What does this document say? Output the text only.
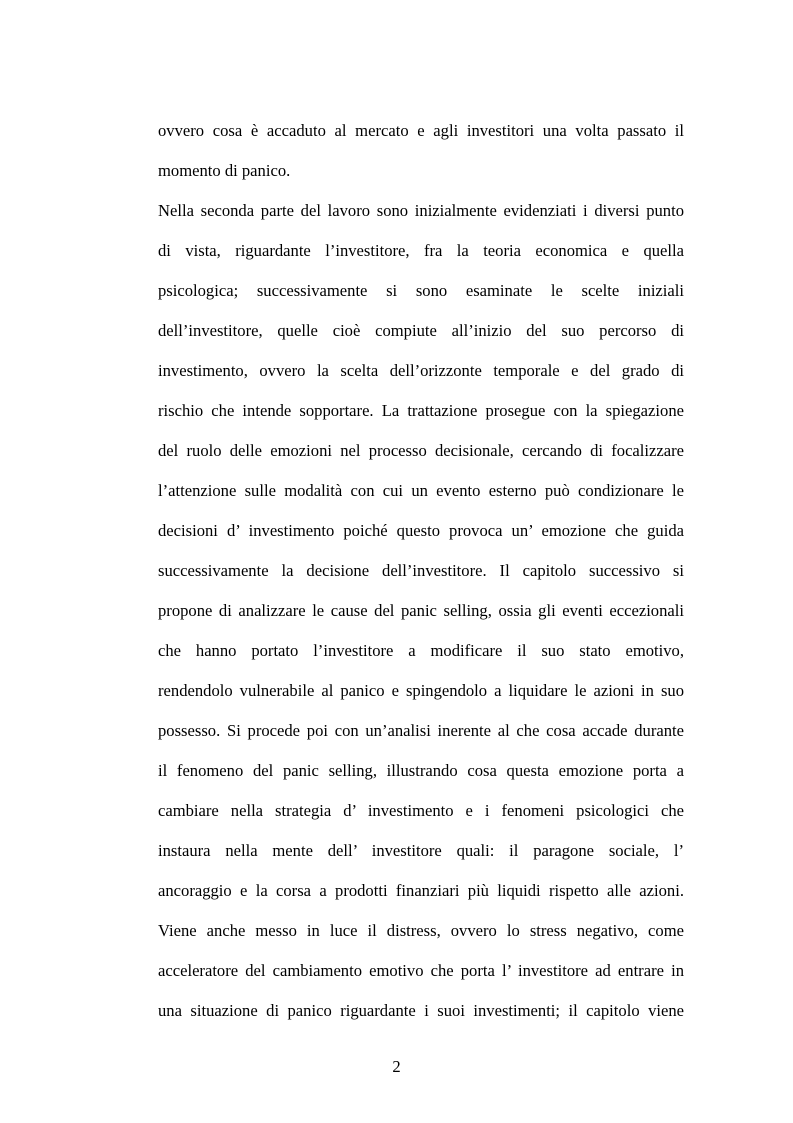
ovvero cosa è accaduto al mercato e agli investitori una volta passato il
momento di panico.
Nella seconda parte del lavoro sono inizialmente evidenziati i diversi punto
di vista, riguardante l’investitore, fra la teoria economica e quella
psicologica; successivamente si sono esaminate le scelte iniziali
dell’investitore, quelle cioè compiute all’inizio del suo percorso di
investimento, ovvero la scelta dell’orizzonte temporale e del grado di
rischio che intende sopportare. La trattazione prosegue con la spiegazione
del ruolo delle emozioni nel processo decisionale, cercando di focalizzare
l’attenzione sulle modalità con cui un evento esterno può condizionare le
decisioni d’ investimento poiché questo provoca un’ emozione che guida
successivamente la decisione dell’investitore. Il capitolo successivo si
propone di analizzare le cause del panic selling, ossia gli eventi eccezionali
che hanno portato l’investitore a modificare il suo stato emotivo,
rendendolo vulnerabile al panico e spingendolo a liquidare le azioni in suo
possesso. Si procede poi con un’analisi inerente al che cosa accade durante
il fenomeno del panic selling, illustrando cosa questa emozione porta a
cambiare nella strategia d’ investimento e i fenomeni psicologici che
instaura nella mente dell’ investitore quali: il paragone sociale, l’
ancoraggio e la corsa a prodotti finanziari più liquidi rispetto alle azioni.
Viene anche messo in luce il distress, ovvero lo stress negativo, come
acceleratore del cambiamento emotivo che porta l’ investitore ad entrare in
una situazione di panico riguardante i suoi investimenti; il capitolo viene
2
